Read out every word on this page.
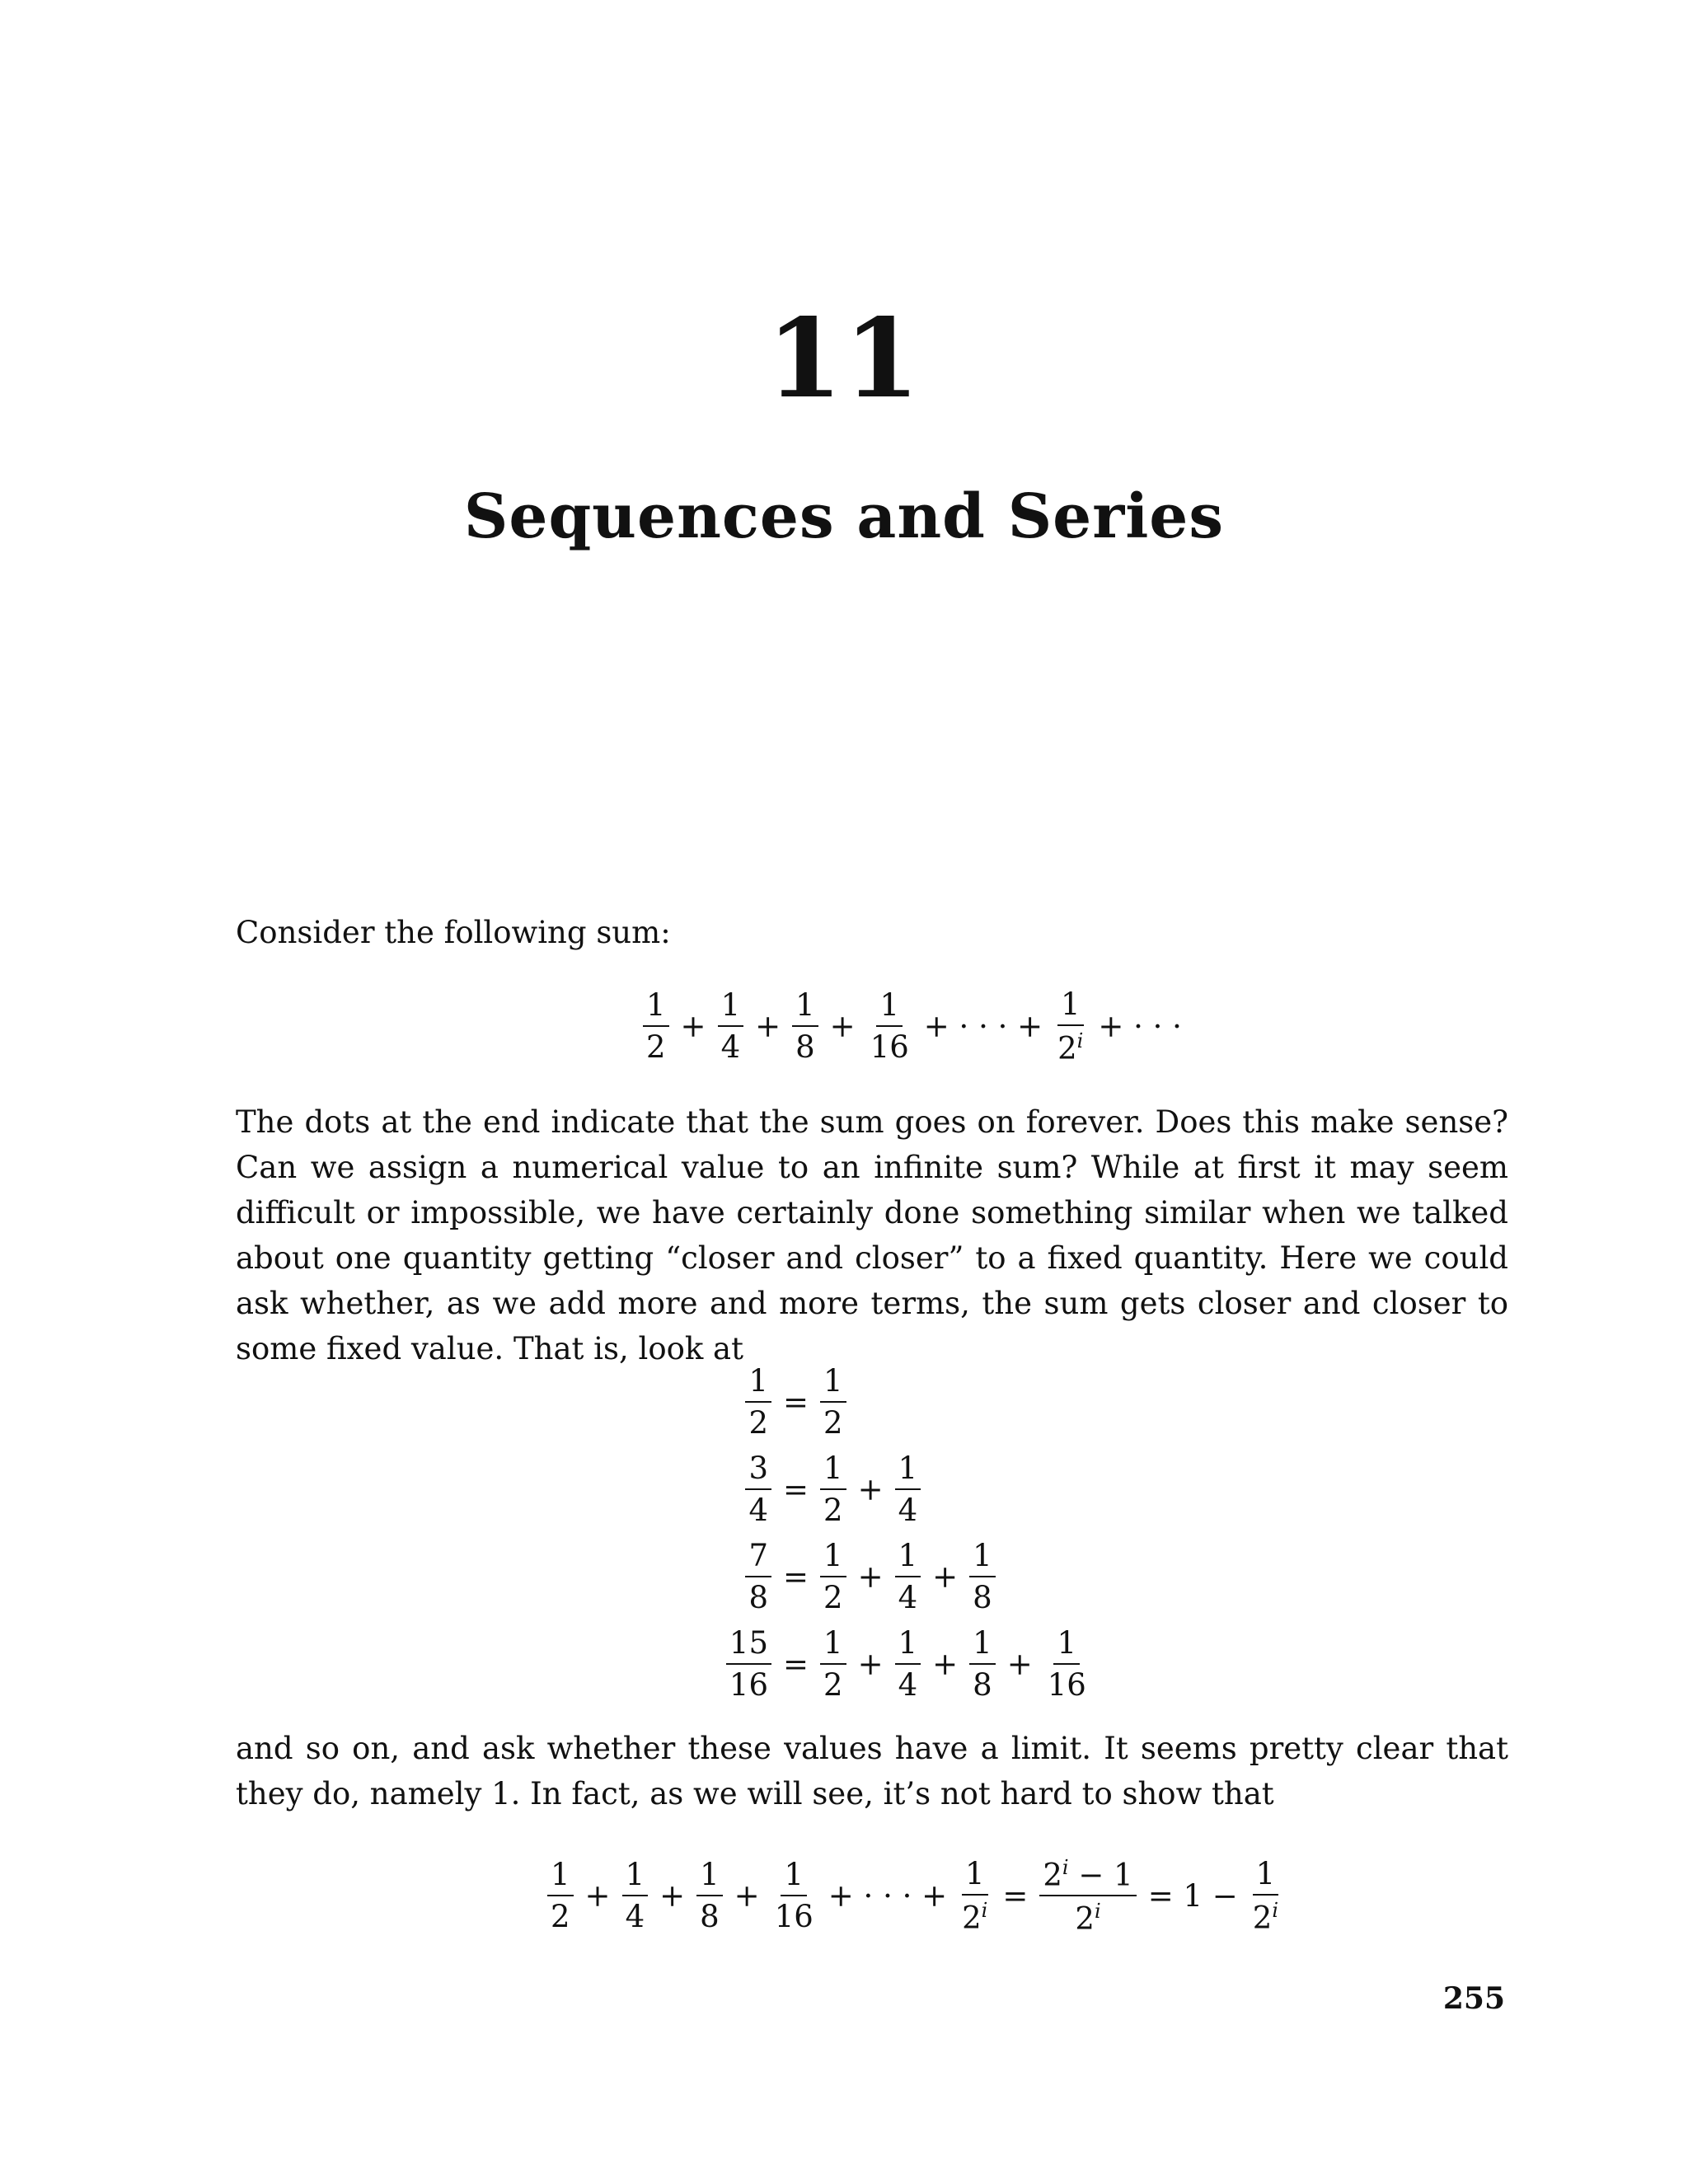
11
Sequences and Series

Consider the following sum:

$\frac{1}{2} + \frac{1}{4} + \frac{1}{8} + \frac{1}{16}$ + · · · + $\frac{1}{2^i}$ + · · ·

The dots at the end indicate that the sum goes on forever. Does this make sense? Can we assign a numerical value to an infinite sum? While at first it may seem difficult or impossible, we have certainly done something similar when we talked about one quantity getting “closer and closer” to a fixed quantity. Here we could ask whether, as we add more and more terms, the sum gets closer and closer to some fixed value. That is, look at

$\frac{1}{2} = \frac{1}{2}$
$\frac{3}{4} = \frac{1}{2} + \frac{1}{4}$
$\frac{7}{8} = \frac{1}{2} + \frac{1}{4} + \frac{1}{8}$
$\frac{15}{16} = \frac{1}{2} + \frac{1}{4} + \frac{1}{8} + \frac{1}{16}$

and so on, and ask whether these values have a limit. It seems pretty clear that they do, namely 1. In fact, as we will see, it’s not hard to show that

$\frac{1}{2} + \frac{1}{4} + \frac{1}{8} + \frac{1}{16}$ + · · · + $\frac{1}{2^i} = \frac{2^i - 1}{2^i} = 1 - \frac{1}{2^i}$
255
